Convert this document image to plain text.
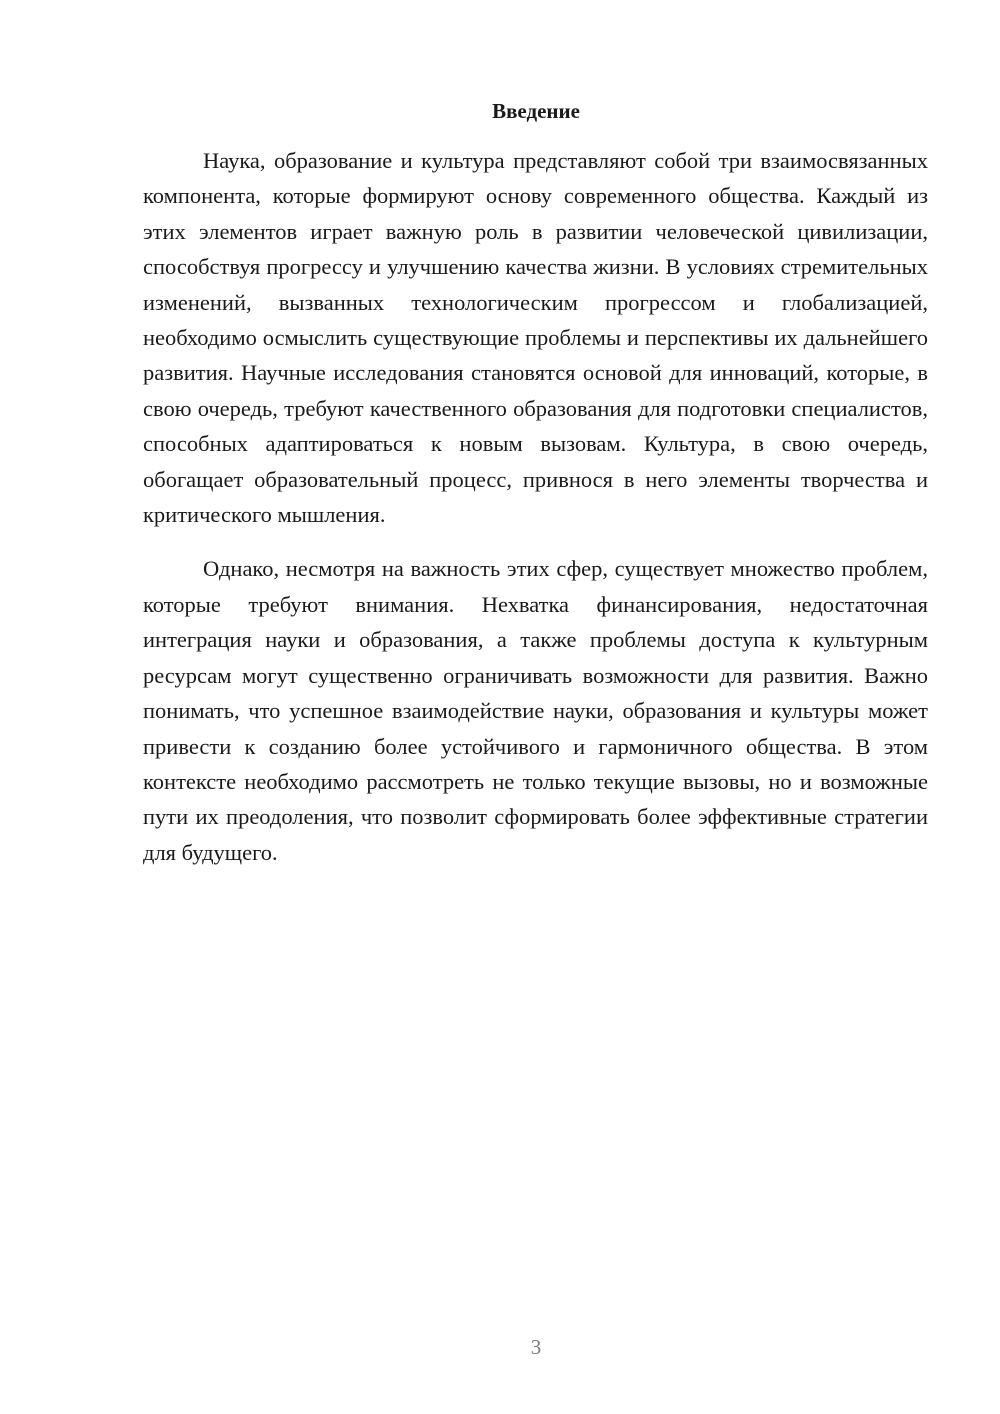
Введение

Наука, образование и культура представляют собой три взаимосвязанных компонента, которые формируют основу современного общества. Каждый из этих элементов играет важную роль в развитии человеческой цивилизации, способствуя прогрессу и улучшению качества жизни. В условиях стремительных изменений, вызванных технологическим прогрессом и глобализацией, необходимо осмыслить существующие проблемы и перспективы их дальнейшего развития. Научные исследования становятся основой для инноваций, которые, в свою очередь, требуют качественного образования для подготовки специалистов, способных адаптироваться к новым вызовам. Культура, в свою очередь, обогащает образовательный процесс, привнося в него элементы творчества и критического мышления.

Однако, несмотря на важность этих сфер, существует множество проблем, которые требуют внимания. Нехватка финансирования, недостаточная интеграция науки и образования, а также проблемы доступа к культурным ресурсам могут существенно ограничивать возможности для развития. Важно понимать, что успешное взаимодействие науки, образования и культуры может привести к созданию более устойчивого и гармоничного общества. В этом контексте необходимо рассмотреть не только текущие вызовы, но и возможные пути их преодоления, что позволит сформировать более эффективные стратегии для будущего.

3
